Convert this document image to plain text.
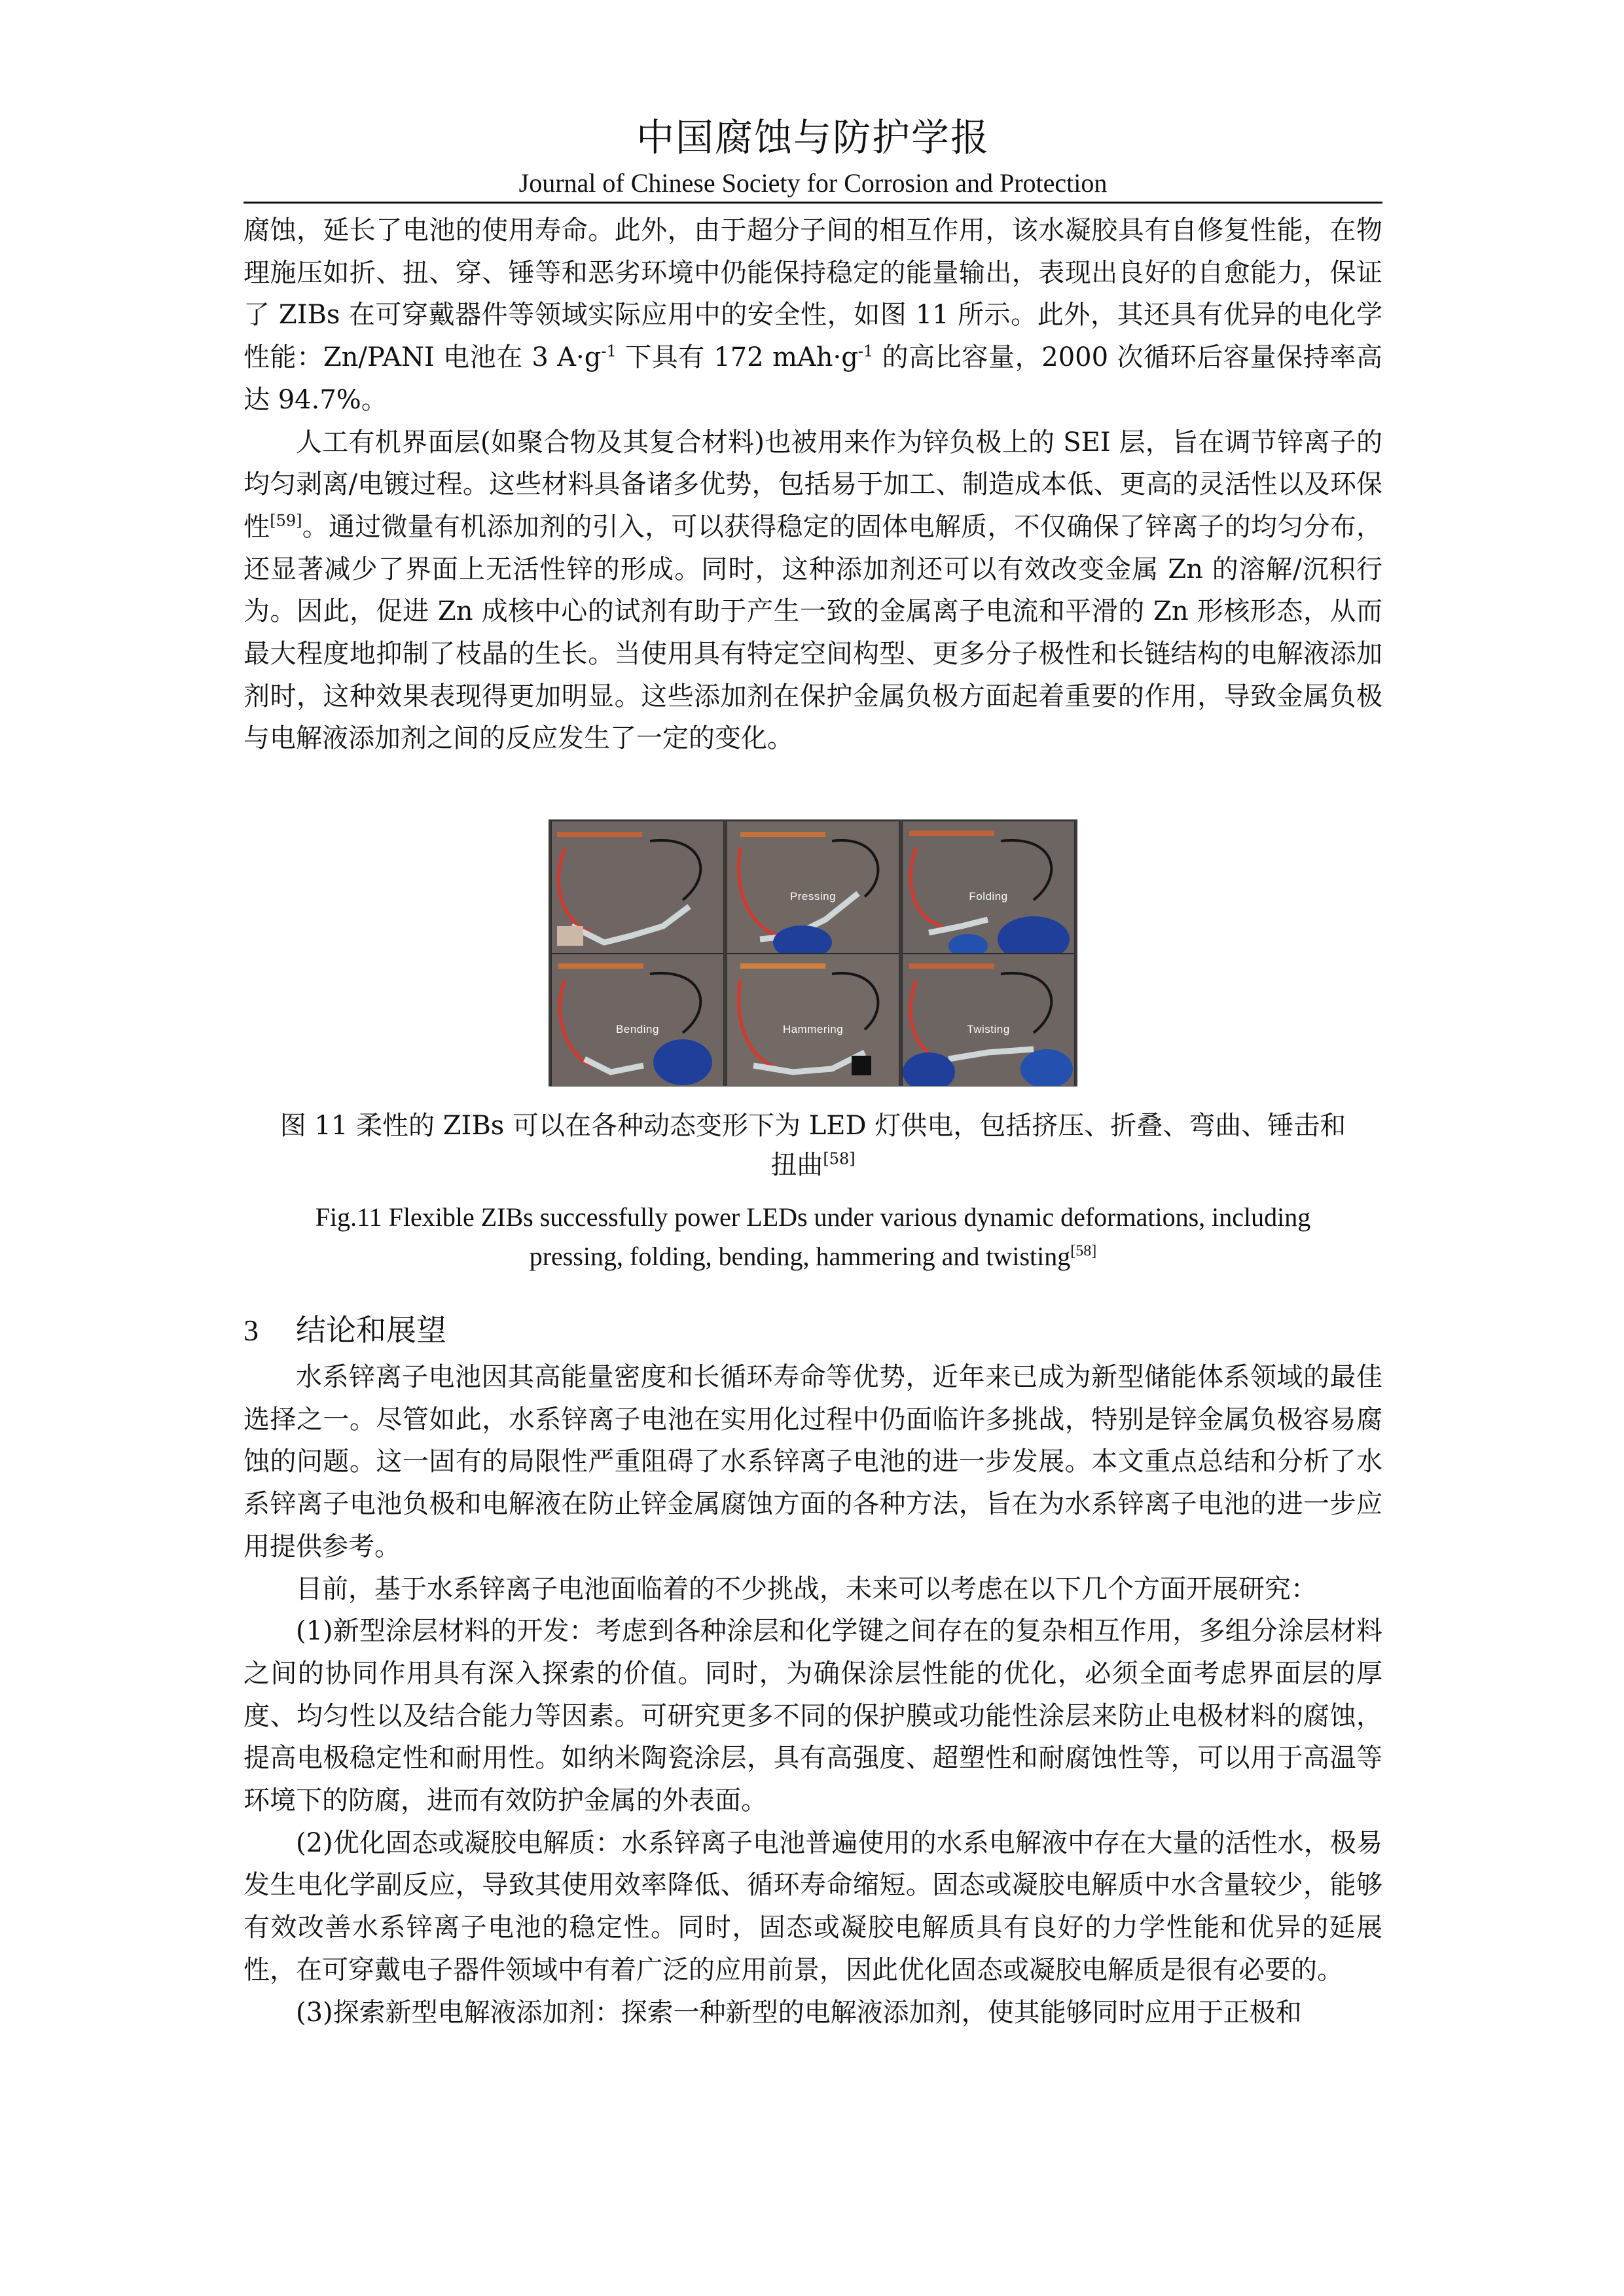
中国腐蚀与防护学报
Journal of Chinese Society for Corrosion and Protection

腐蚀，延长了电池的使用寿命。此外，由于超分子间的相互作用，该水凝胶具有自修复性能，在物理施压如折、扭、穿、锤等和恶劣环境中仍能保持稳定的能量输出，表现出良好的自愈能力，保证了 ZIBs 在可穿戴器件等领域实际应用中的安全性，如图 11 所示。此外，其还具有优异的电化学性能：Zn/PANI 电池在 3 $A\cdot g^{-1}$ 下具有 172 $mAh\cdot g^{-1}$ 的高比容量，2000 次循环后容量保持率高达 94.7%。

人工有机界面层(如聚合物及其复合材料)也被用来作为锌负极上的 SEI 层，旨在调节锌离子的均匀剥离/电镀过程。这些材料具备诸多优势，包括易于加工、制造成本低、更高的灵活性以及环保性[59]。通过微量有机添加剂的引入，可以获得稳定的固体电解质，不仅确保了锌离子的均匀分布，还显著减少了界面上无活性锌的形成。同时，这种添加剂还可以有效改变金属 Zn 的溶解/沉积行为。因此，促进 Zn 成核中心的试剂有助于产生一致的金属离子电流和平滑的 Zn 形核形态，从而最大程度地抑制了枝晶的生长。当使用具有特定空间构型、更多分子极性和长链结构的电解液添加剂时，这种效果表现得更加明显。这些添加剂在保护金属负极方面起着重要的作用，导致金属负极与电解液添加剂之间的反应发生了一定的变化。

Pressing	Folding
Bending	Hammering	Twisting
图 11 柔性的 ZIBs 可以在各种动态变形下为 LED 灯供电，包括挤压、折叠、弯曲、锤击和
扭曲[58]
Fig.11 Flexible ZIBs successfully power LEDs under various dynamic deformations, including
pressing, folding, bending, hammering and twisting[58]
3 结论和展望

水系锌离子电池因其高能量密度和长循环寿命等优势，近年来已成为新型储能体系领域的最佳选择之一。尽管如此，水系锌离子电池在实用化过程中仍面临许多挑战，特别是锌金属负极容易腐蚀的问题。这一固有的局限性严重阻碍了水系锌离子电池的进一步发展。本文重点总结和分析了水系锌离子电池负极和电解液在防止锌金属腐蚀方面的各种方法，旨在为水系锌离子电池的进一步应用提供参考。

目前，基于水系锌离子电池面临着的不少挑战，未来可以考虑在以下几个方面开展研究：

(1)新型涂层材料的开发：考虑到各种涂层和化学键之间存在的复杂相互作用，多组分涂层材料之间的协同作用具有深入探索的价值。同时，为确保涂层性能的优化，必须全面考虑界面层的厚度、均匀性以及结合能力等因素。可研究更多不同的保护膜或功能性涂层来防止电极材料的腐蚀，提高电极稳定性和耐用性。如纳米陶瓷涂层，具有高强度、超塑性和耐腐蚀性等，可以用于高温等环境下的防腐，进而有效防护金属的外表面。

(2)优化固态或凝胶电解质：水系锌离子电池普遍使用的水系电解液中存在大量的活性水，极易发生电化学副反应，导致其使用效率降低、循环寿命缩短。固态或凝胶电解质中水含量较少，能够有效改善水系锌离子电池的稳定性。同时，固态或凝胶电解质具有良好的力学性能和优异的延展性，在可穿戴电子器件领域中有着广泛的应用前景，因此优化固态或凝胶电解质是很有必要的。

(3)探索新型电解液添加剂：探索一种新型的电解液添加剂，使其能够同时应用于正极和
